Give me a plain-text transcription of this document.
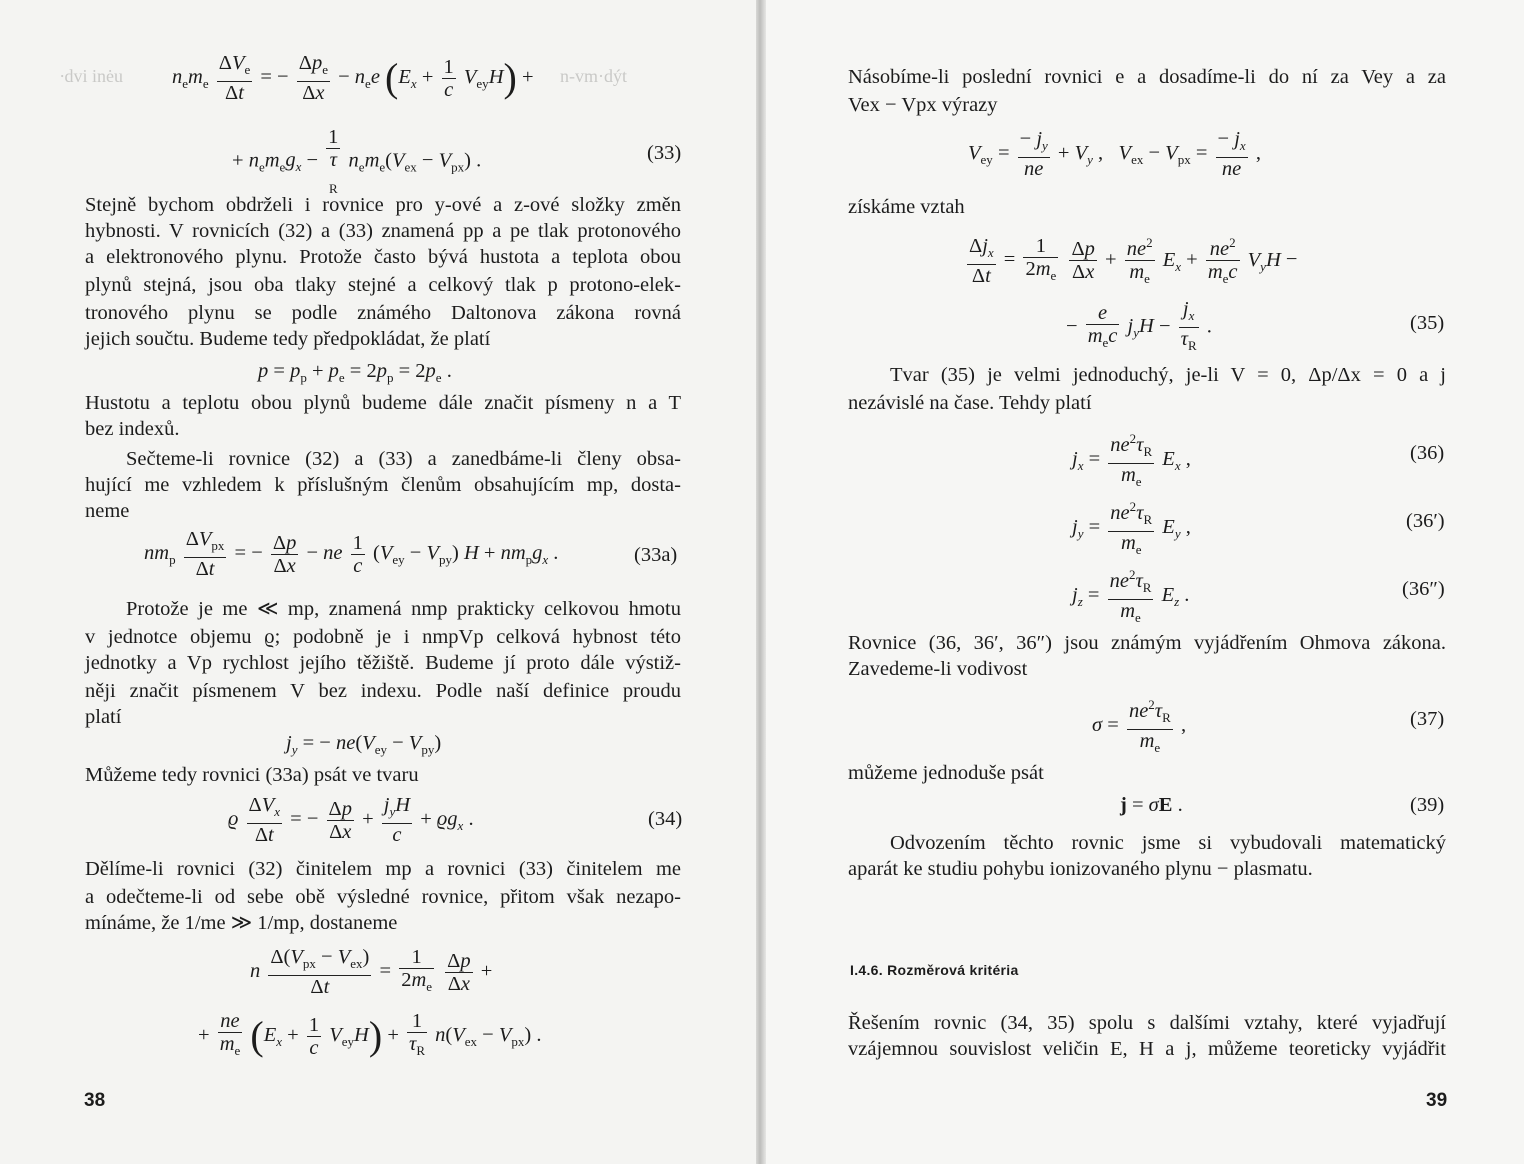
∙dvi inėu	n‐vm·dýt
$n_em_e \frac{\Delta V_e}{\Delta t}$ = − $\frac{\Delta p_e}{\Delta x} - n_ee$ $(E_x + \frac{1}{c} V_{ey}H)$ +
+ $n_em_eg_x$ −
1
τ
$_R$ $n_em_e(V_{ex} - V_{px})$ .	(33)
Stejně bychom obdrželi i rovnice pro y-ové a z-ové složky změn
hybnosti. V rovnicích (32) a (33) znamená pp a pe tlak protonového
a elektronového plynu. Protože často bývá hustota a teplota obou
plynů stejná, jsou oba tlaky stejné a celkový tlak p protono-elek-
tronového plynu se podle známého Daltonova zákona rovná
jejich součtu. Budeme tedy předpokládat, že platí
$p = p_p + p_e = 2p_p = 2p_e$ .
Hustotu a teplotu obou plynů budeme dále značit písmeny n a T
bez indexů.
Sečteme-li rovnice (32) a (33) a zanedbáme-li členy obsa-
hující me vzhledem k příslušným členům obsahujícím mp, dosta-
neme
$nm_p \frac{\Delta V_{px}}{\Delta t}$ = − $\frac{\Delta p}{\Delta x}$ − ne $\frac{1}{c} (V_{ey} - V_{py}) H + nm_pg_x$ .	(33a)
Protože je me ≪ mp, znamená nmp prakticky celkovou hmotu
v jednotce objemu ϱ; podobně je i nmpVp celková hybnost této
jednotky a Vp rychlost jejího těžiště. Budeme jí proto dále výstiž-
něji značit písmenem V bez indexu. Podle naší definice proudu
platí
$j_y$ = − $ne(V_{ey} - V_{py})$
Můžeme tedy rovnici (33a) psát ve tvaru
ϱ $\frac{\Delta V_x}{\Delta t}$ = − $\frac{\Delta p}{\Delta x} + \frac{j_yH}{c} + ϱg_x$ .	(34)
Dělíme-li rovnici (32) činitelem mp a rovnici (33) činitelem me
a odečteme-li od sebe obě výsledné rovnice, přitom však nezapo-
mínáme, že 1/me ≫ 1/mp, dostaneme
n $\frac{\Delta(V_{px} - V_{ex})}{\Delta t} = \frac{1}{2m_e}$
$\frac{\Delta p}{\Delta x}$ +
+ $\frac{ne}{m_e} (E_x + \frac{1}{c} V_{ey}H) + \frac{1}{\tau_R} n(V_{ex} - V_{px})$ .
38
Násobíme-li poslední rovnici e a dosadíme-li do ní za Vey a za
Vex − Vpx výrazy
$V_{ey} = \frac{- j_y}{ne} + V_y$ ,   $V_{ex} - V_{px} = \frac{- j_x}{ne}$ ,
získáme vztah
$\frac{\Delta j_x}{\Delta t} = \frac{1}{2m_e}$
$\frac{\Delta p}{\Delta x} + \frac{ne^2}{m_e} E_x + \frac{ne^2}{m_ec} V_yH$ −
− $\frac{e}{m_ec} j_yH - \frac{j_x}{\tau_R}$ .	(35)
Tvar (35) je velmi jednoduchý, je-li V = 0, Δp/Δx = 0 a j
nezávislé na čase. Tehdy platí
$j_x = \frac{ne^2\tau_R}{m_e} E_x$ ,	(36)
$j_y = \frac{ne^2\tau_R}{m_e} E_y$ ,	(36′)
$j_z = \frac{ne^2\tau_R}{m_e} E_z$ .	(36″)
Rovnice (36, 36′, 36″) jsou známým vyjádřením Ohmova zákona.
Zavedeme-li vodivost
$\sigma = \frac{ne^2\tau_R}{m_e}$ ,	(37)
můžeme jednoduše psát
j = σE .	(39)
Odvozením těchto rovnic jsme si vybudovali matematický
aparát ke studiu pohybu ionizovaného plynu − plasmatu.
I.4.6. Rozměrová kritéria
Řešením rovnic (34, 35) spolu s dalšími vztahy, které vyjadřují
vzájemnou souvislost veličin E, H a j, můžeme teoreticky vyjádřit
39
